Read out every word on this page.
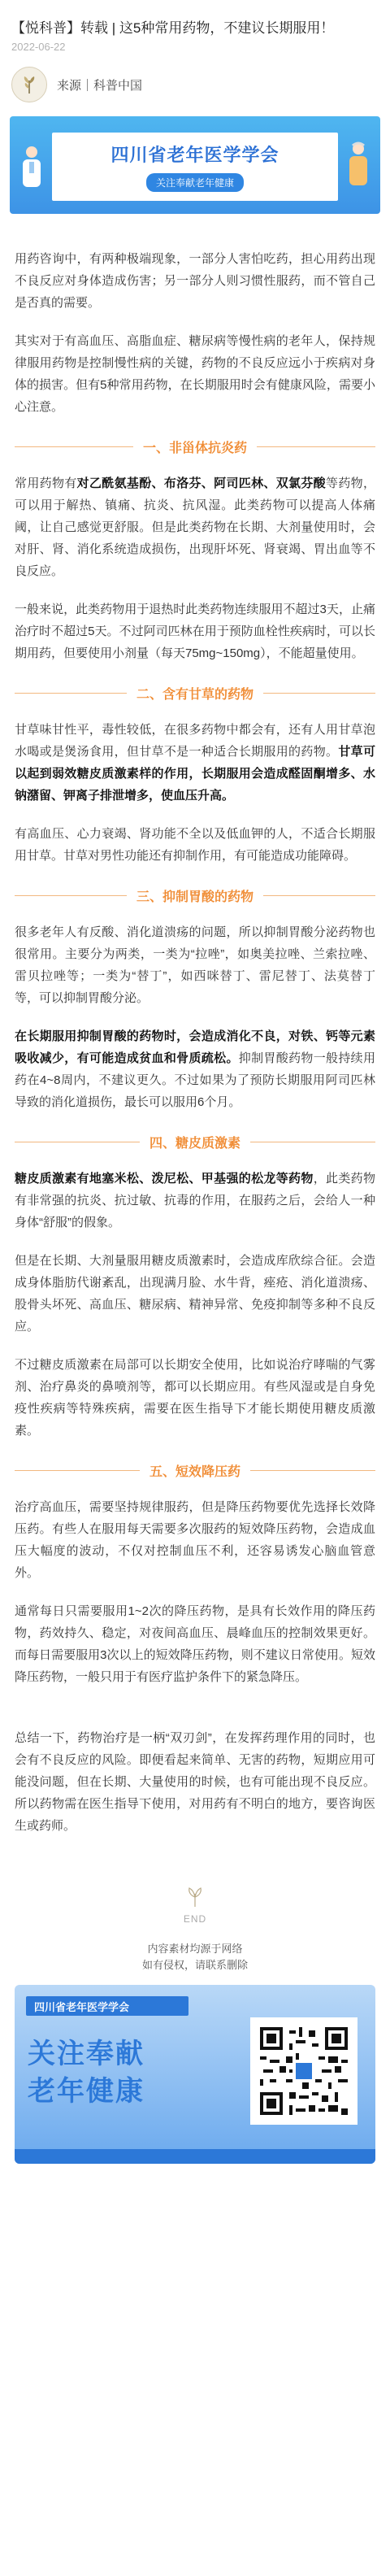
【悦科普】转载 | 这5种常用药物，不建议长期服用！
2022-06-22
来源｜科普中国
四川省老年医学学会
关注奉献老年健康

用药咨询中，有两种极端现象，一部分人害怕吃药，担心用药出现不良反应对身体造成伤害；另一部分人则习惯性服药，而不管自己是否真的需要。

其实对于有高血压、高脂血症、糖尿病等慢性病的老年人，保持规律服用药物是控制慢性病的关键，药物的不良反应远小于疾病对身体的损害。但有5种常用药物，在长期服用时会有健康风险，需要小心注意。

一、非甾体抗炎药

常用药物有对乙酰氨基酚、布洛芬、阿司匹林、双氯芬酸等药物，可以用于解热、镇痛、抗炎、抗风湿。此类药物可以提高人体痛阈，让自己感觉更舒服。但是此类药物在长期、大剂量使用时，会对肝、肾、消化系统造成损伤，出现肝坏死、肾衰竭、胃出血等不良反应。

一般来说，此类药物用于退热时此类药物连续服用不超过3天，止痛治疗时不超过5天。不过阿司匹林在用于预防血栓性疾病时，可以长期用药，但要使用小剂量（每天75mg~150mg），不能超量使用。

二、含有甘草的药物

甘草味甘性平，毒性较低，在很多药物中都会有，还有人用甘草泡水喝或是煲汤食用，但甘草不是一种适合长期服用的药物。甘草可以起到弱效糖皮质激素样的作用，长期服用会造成醛固酮增多、水钠潴留、钾离子排泄增多，使血压升高。

有高血压、心力衰竭、肾功能不全以及低血钾的人，不适合长期服用甘草。甘草对男性功能还有抑制作用，有可能造成功能障碍。

三、抑制胃酸的药物

很多老年人有反酸、消化道溃疡的问题，所以抑制胃酸分泌药物也很常用。主要分为两类，一类为“拉唑”，如奥美拉唑、兰索拉唑、雷贝拉唑等；一类为“替丁”，如西咪替丁、雷尼替丁、法莫替丁等，可以抑制胃酸分泌。

在长期服用抑制胃酸的药物时，会造成消化不良，对铁、钙等元素吸收减少，有可能造成贫血和骨质疏松。抑制胃酸药物一般持续用药在4~8周内，不建议更久。不过如果为了预防长期服用阿司匹林导致的消化道损伤，最长可以服用6个月。

四、糖皮质激素

糖皮质激素有地塞米松、泼尼松、甲基强的松龙等药物，此类药物有非常强的抗炎、抗过敏、抗毒的作用，在服药之后，会给人一种身体“舒服”的假象。

但是在长期、大剂量服用糖皮质激素时，会造成库欣综合征。会造成身体脂肪代谢紊乱，出现满月脸、水牛背，痤疮、消化道溃疡、股骨头坏死、高血压、糖尿病、精神异常、免疫抑制等多种不良反应。

不过糖皮质激素在局部可以长期安全使用，比如说治疗哮喘的气雾剂、治疗鼻炎的鼻喷剂等，都可以长期应用。有些风湿或是自身免疫性疾病等特殊疾病，需要在医生指导下才能长期使用糖皮质激素。

五、短效降压药

治疗高血压，需要坚持规律服药，但是降压药物要优先选择长效降压药。有些人在服用每天需要多次服药的短效降压药物，会造成血压大幅度的波动，不仅对控制血压不利，还容易诱发心脑血管意外。

通常每日只需要服用1~2次的降压药物，是具有长效作用的降压药物，药效持久、稳定，对夜间高血压、晨峰血压的控制效果更好。而每日需要服用3次以上的短效降压药物，则不建议日常使用。短效降压药物，一般只用于有医疗监护条件下的紧急降压。

总结一下，药物治疗是一柄“双刃剑”，在发挥药理作用的同时，也会有不良反应的风险。即便看起来简单、无害的药物，短期应用可能没问题，但在长期、大量使用的时候，也有可能出现不良反应。所以药物需在医生指导下使用，对用药有不明白的地方，要咨询医生或药师。

END
内容素材均源于网络
如有侵权，请联系删除
四川省老年医学学会
关注奉献
老年健康
